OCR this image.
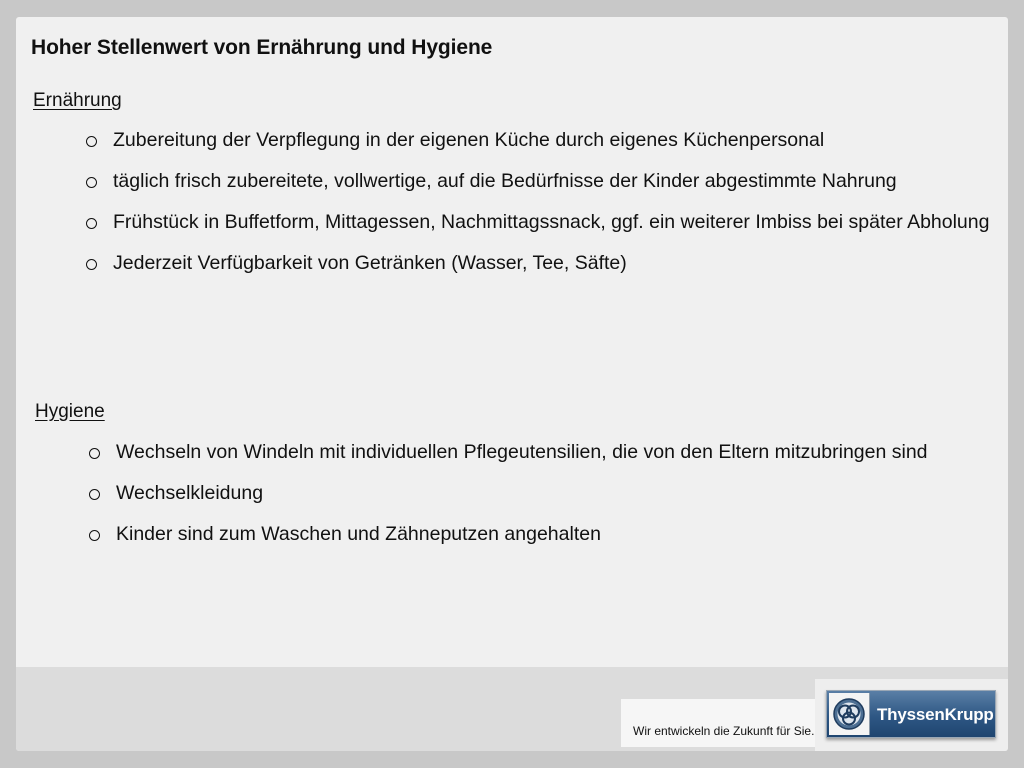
Hoher Stellenwert von Ernährung und Hygiene
Ernährung
Zubereitung der Verpflegung in der eigenen Küche durch eigenes Küchenpersonal
täglich frisch zubereitete, vollwertige, auf die Bedürfnisse der Kinder abgestimmte Nahrung
Frühstück in Buffetform, Mittagessen, Nachmittagssnack, ggf. ein weiterer Imbiss bei später Abholung
Jederzeit Verfügbarkeit von Getränken (Wasser, Tee, Säfte)
Hygiene
Wechseln von Windeln mit individuellen Pflegeutensilien, die von den Eltern mitzubringen sind
Wechselkleidung
Kinder sind zum Waschen und Zähneputzen angehalten
Wir entwickeln die Zukunft für Sie.
ThyssenKrupp
